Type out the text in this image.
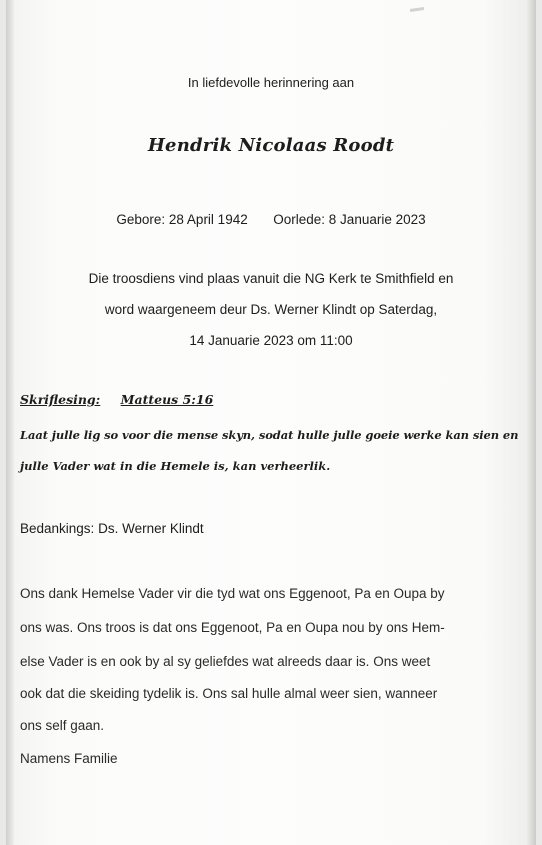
In liefdevolle herinnering aan
Hendrik Nicolaas Roodt
Gebore: 28 April 1942 Oorlede: 8 Januarie 2023
Die troosdiens vind plaas vanuit die NG Kerk te Smithfield en
word waargeneem deur Ds. Werner Klindt op Saterdag,
14 Januarie 2023 om 11:00
Skriflesing: Matteus 5:16
Laat julle lig so voor die mense skyn, sodat hulle julle goeie werke kan sien en
julle Vader wat in die Hemele is, kan verheerlik.
Bedankings: Ds. Werner Klindt
Ons dank Hemelse Vader vir die tyd wat ons Eggenoot, Pa en Oupa by
ons was. Ons troos is dat ons Eggenoot, Pa en Oupa nou by ons Hem-
else Vader is en ook by al sy geliefdes wat alreeds daar is. Ons weet
ook dat die skeiding tydelik is. Ons sal hulle almal weer sien, wanneer
ons self gaan.
Namens Familie
